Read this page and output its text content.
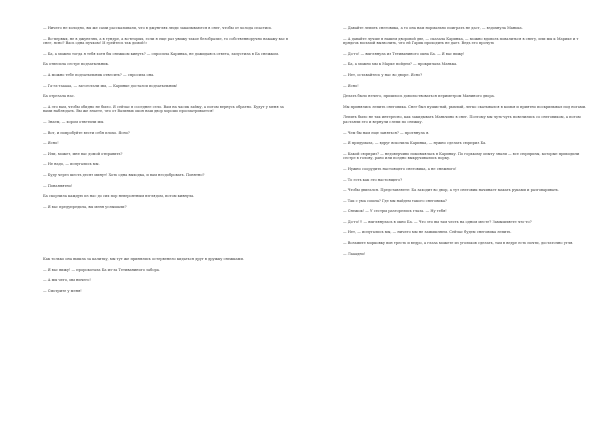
— Ничего не холодно, вы же сами рассказывали, что в джунглях люди закапываются в снег, чтобы от холода спастись.

— Во-первых, не в джунглях, а в тундре, а во-вторых, если я еще раз увижу такое безобразие, то собственноручно накажу вас в снег, ясно? Вась одна пучком! И грейтесь так домой!»

— Ба, а можно тогда я тебя хотя бы снежком кинуть? — спросила Каринка, не дожидаясь ответа, запустила в Ба снежком.

Ба отвесила сестре подзатыльник.

— А можно тебе подзатыльник отвесить? — спросила она.

— Га-га-гааааа, — загоготали мы, — Каринке досталси подзатыльник!

Ба отрезала нас.

— А это вам, чтобы обидно не было. Я сейчас в соседнее село. Вам на часик займу, а потом вернусь обратно. Будут у меня за вами наблюдать. Вы же знаете, что от Вазиных окон наш двор хорошо просматривается!

— Знаем, — хором ответили мы.

— Вот, и попробуйте вести себя плохо. Ясно?

— Ясно!

— Или, может, мне вас домой отправить?

— Не надо, — испугались мы.

— Буду через шесть десят минут! Хоть одна выходка, и вам несдобровать. Понятно?

— Понаяяятно!

Ба скорчила каждую из нас до сих пор невероятным взглядом, потом кивнула.

— Я вас предупредила, вы меня услышали?

Как только она вышла за калитку, мы тут же принялись остервенело кидаться друг в дружку снежками.

— Я вас вижу! — пророкотала Ба из-за Тетиваниного забора.

— А мы чего, мы ничего!

— Смотрите у меня!

— Давайте лепить снеговика, а то она нам нормально поиграть не даст, — вздохнула Манька.

— А давайте лучше в нашем дворовой две, — сказала Каринка, — можно вдоволь повалиться в снегу, или мы к Марике и т прядочь восьмой вызволить, что ей Гарик проходить не дает. Ведь его прочуть

— До-го! — выглянула из Тетиваниного окна Ба. — Я вас вижу!

— Ба, а можно мы к Марке пойдем? — прокричала Манька.

— Нет, оставайтесь у нас во дворе. Ясно?

— Ясно!

Делать было нечего, пришлось довольствоваться периметром Маниного двора.

Мы принялись лепить снеговика. Снег был пушистый, рыхлый, легко скатывался в комья и приятно поскрипывал под ногами.

Лепить было не так интересно, как закидывать Маньчино в снег. Поэтому мы чуть-чуть повелились со снеговиком, а потом растаяли его и вернули слепи по снежку.

— Чем бы нам еще заняться? — протянула я.

— Я придумала, — вдруг вскочила Каринка, — нужно сделать сюрприз Ба.

— Какой сюрприз? — недоверчиво поковыялась в Каринку. По горькому опыту знали — все сюрпризы, которые приходили сестре в голову, рано или поздно выкручивались порку.

— Нужно соорудить настоящего снеговика, а не снежного!

— То есть как это настоящего?

— Чтобы двигался. Представляете: Ба заходит во двор, а тут снеговик начинает махать руками и разговаривать.

— Так с ума сошла? Где мы найдем такого снеговика?

— Снежок! — У сестры разгорелись глаза. — Ну тебя!

— До-го!!! — выглянулась в окно Ба. — Что это вы там честь на одном месте? Замышляете что-то?

— Нет, — испугались мы, — ничего мы не замышляем. Сейчас будем снеговика лепить.

— Возьмите морковку вон тресть и ведро, а глаза можете из угольков сделать, там в ведре есть почти, достаточно угля.

— Лааадно!
